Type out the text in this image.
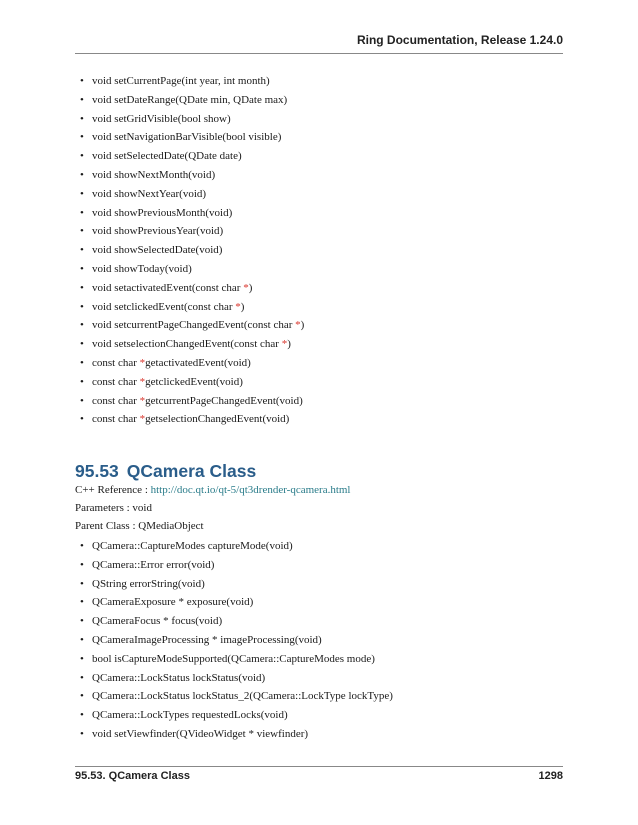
Ring Documentation, Release 1.24.0
• void setCurrentPage(int year, int month)
• void setDateRange(QDate min, QDate max)
• void setGridVisible(bool show)
• void setNavigationBarVisible(bool visible)
• void setSelectedDate(QDate date)
• void showNextMonth(void)
• void showNextYear(void)
• void showPreviousMonth(void)
• void showPreviousYear(void)
• void showSelectedDate(void)
• void showToday(void)
• void setactivatedEvent(const char *)
• void setclickedEvent(const char *)
• void setcurrentPageChangedEvent(const char *)
• void setselectionChangedEvent(const char *)
• const char *getactivatedEvent(void)
• const char *getclickedEvent(void)
• const char *getcurrentPageChangedEvent(void)
• const char *getselectionChangedEvent(void)
95.53 QCamera Class
C++ Reference : http://doc.qt.io/qt-5/qt3drender-qcamera.html
Parameters : void
Parent Class : QMediaObject
• QCamera::CaptureModes captureMode(void)
• QCamera::Error error(void)
• QString errorString(void)
• QCameraExposure * exposure(void)
• QCameraFocus * focus(void)
• QCameraImageProcessing * imageProcessing(void)
• bool isCaptureModeSupported(QCamera::CaptureModes mode)
• QCamera::LockStatus lockStatus(void)
• QCamera::LockStatus lockStatus_2(QCamera::LockType lockType)
• QCamera::LockTypes requestedLocks(void)
• void setViewfinder(QVideoWidget * viewfinder)
95.53. QCamera Class	1298
